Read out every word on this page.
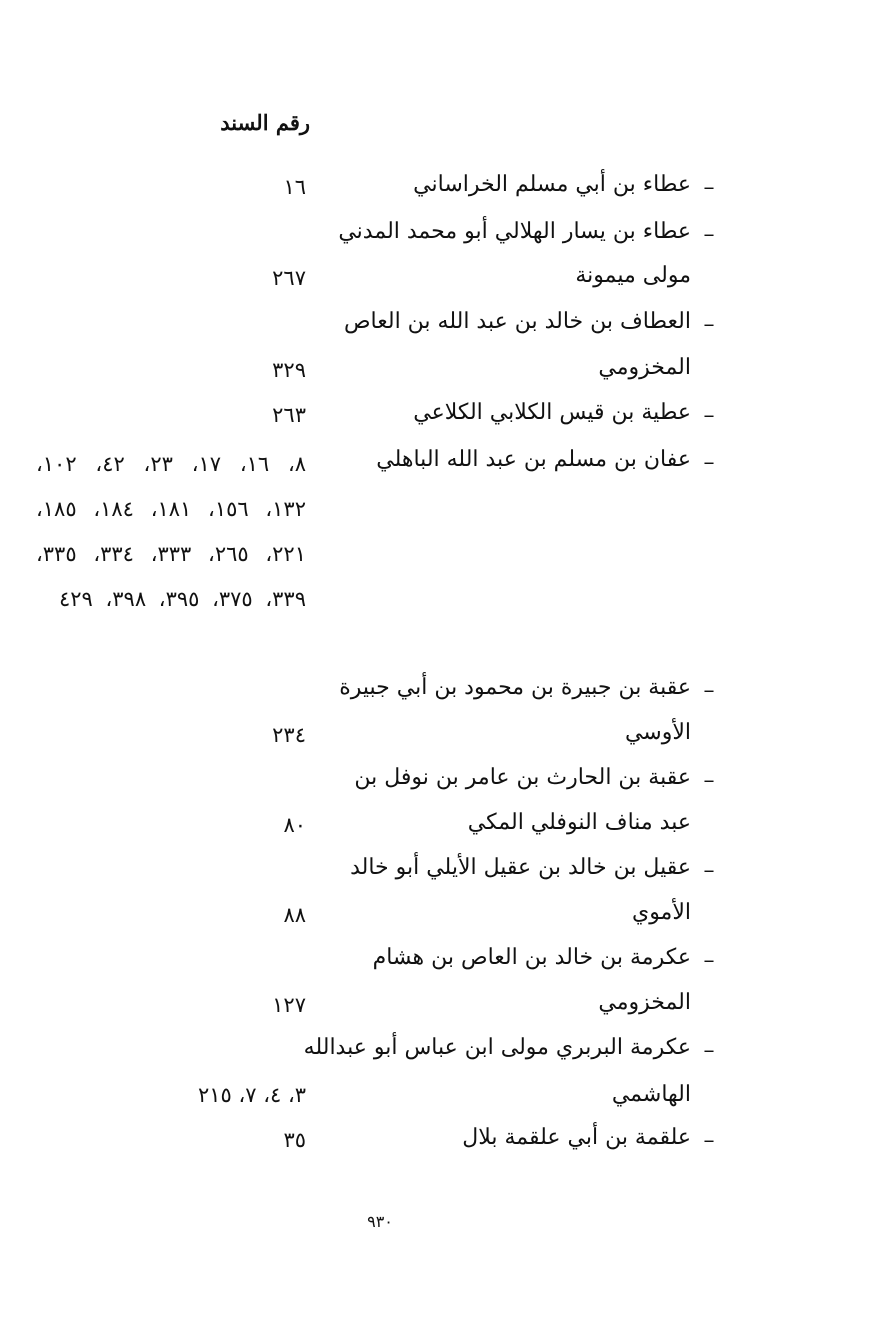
رقم السند
–
عطاء بن أبي مسلم الخراساني
١٦
–
عطاء بن يسار الهلالي أبو محمد المدني
مولى ميمونة
٢٦٧
–
العطاف بن خالد بن عبد الله بن العاص
المخزومي
٣٢٩
–
عطية بن قيس الكلابي الكلاعي
٢٦٣
–
عفان بن مسلم بن عبد الله الباهلي
٨، ١٦، ١٧، ٢٣، ٤٢، ١٠٢، ١٣٢، ١٥٦، ١٨١، ١٨٤، ١٨٥، ٢٢١، ٢٦٥، ٣٣٣، ٣٣٤، ٣٣٥، ٣٣٩، ٣٧٥، ٣٩٥، ٣٩٨، ٤٢٩
–
عقبة بن جبيرة بن محمود بن أبي جبيرة
الأوسي
٢٣٤
–
عقبة بن الحارث بن عامر بن نوفل بن
عبد مناف النوفلي المكي
٨٠
–
عقيل بن خالد بن عقيل الأيلي أبو خالد
الأموي
٨٨
–
عكرمة بن خالد بن العاص بن هشام
المخزومي
١٢٧
–
عكرمة البربري مولى ابن عباس أبو عبدالله
الهاشمي
٣، ٤، ٧، ٢١٥
–
علقمة بن أبي علقمة بلال
٣٥
٩٣٠
